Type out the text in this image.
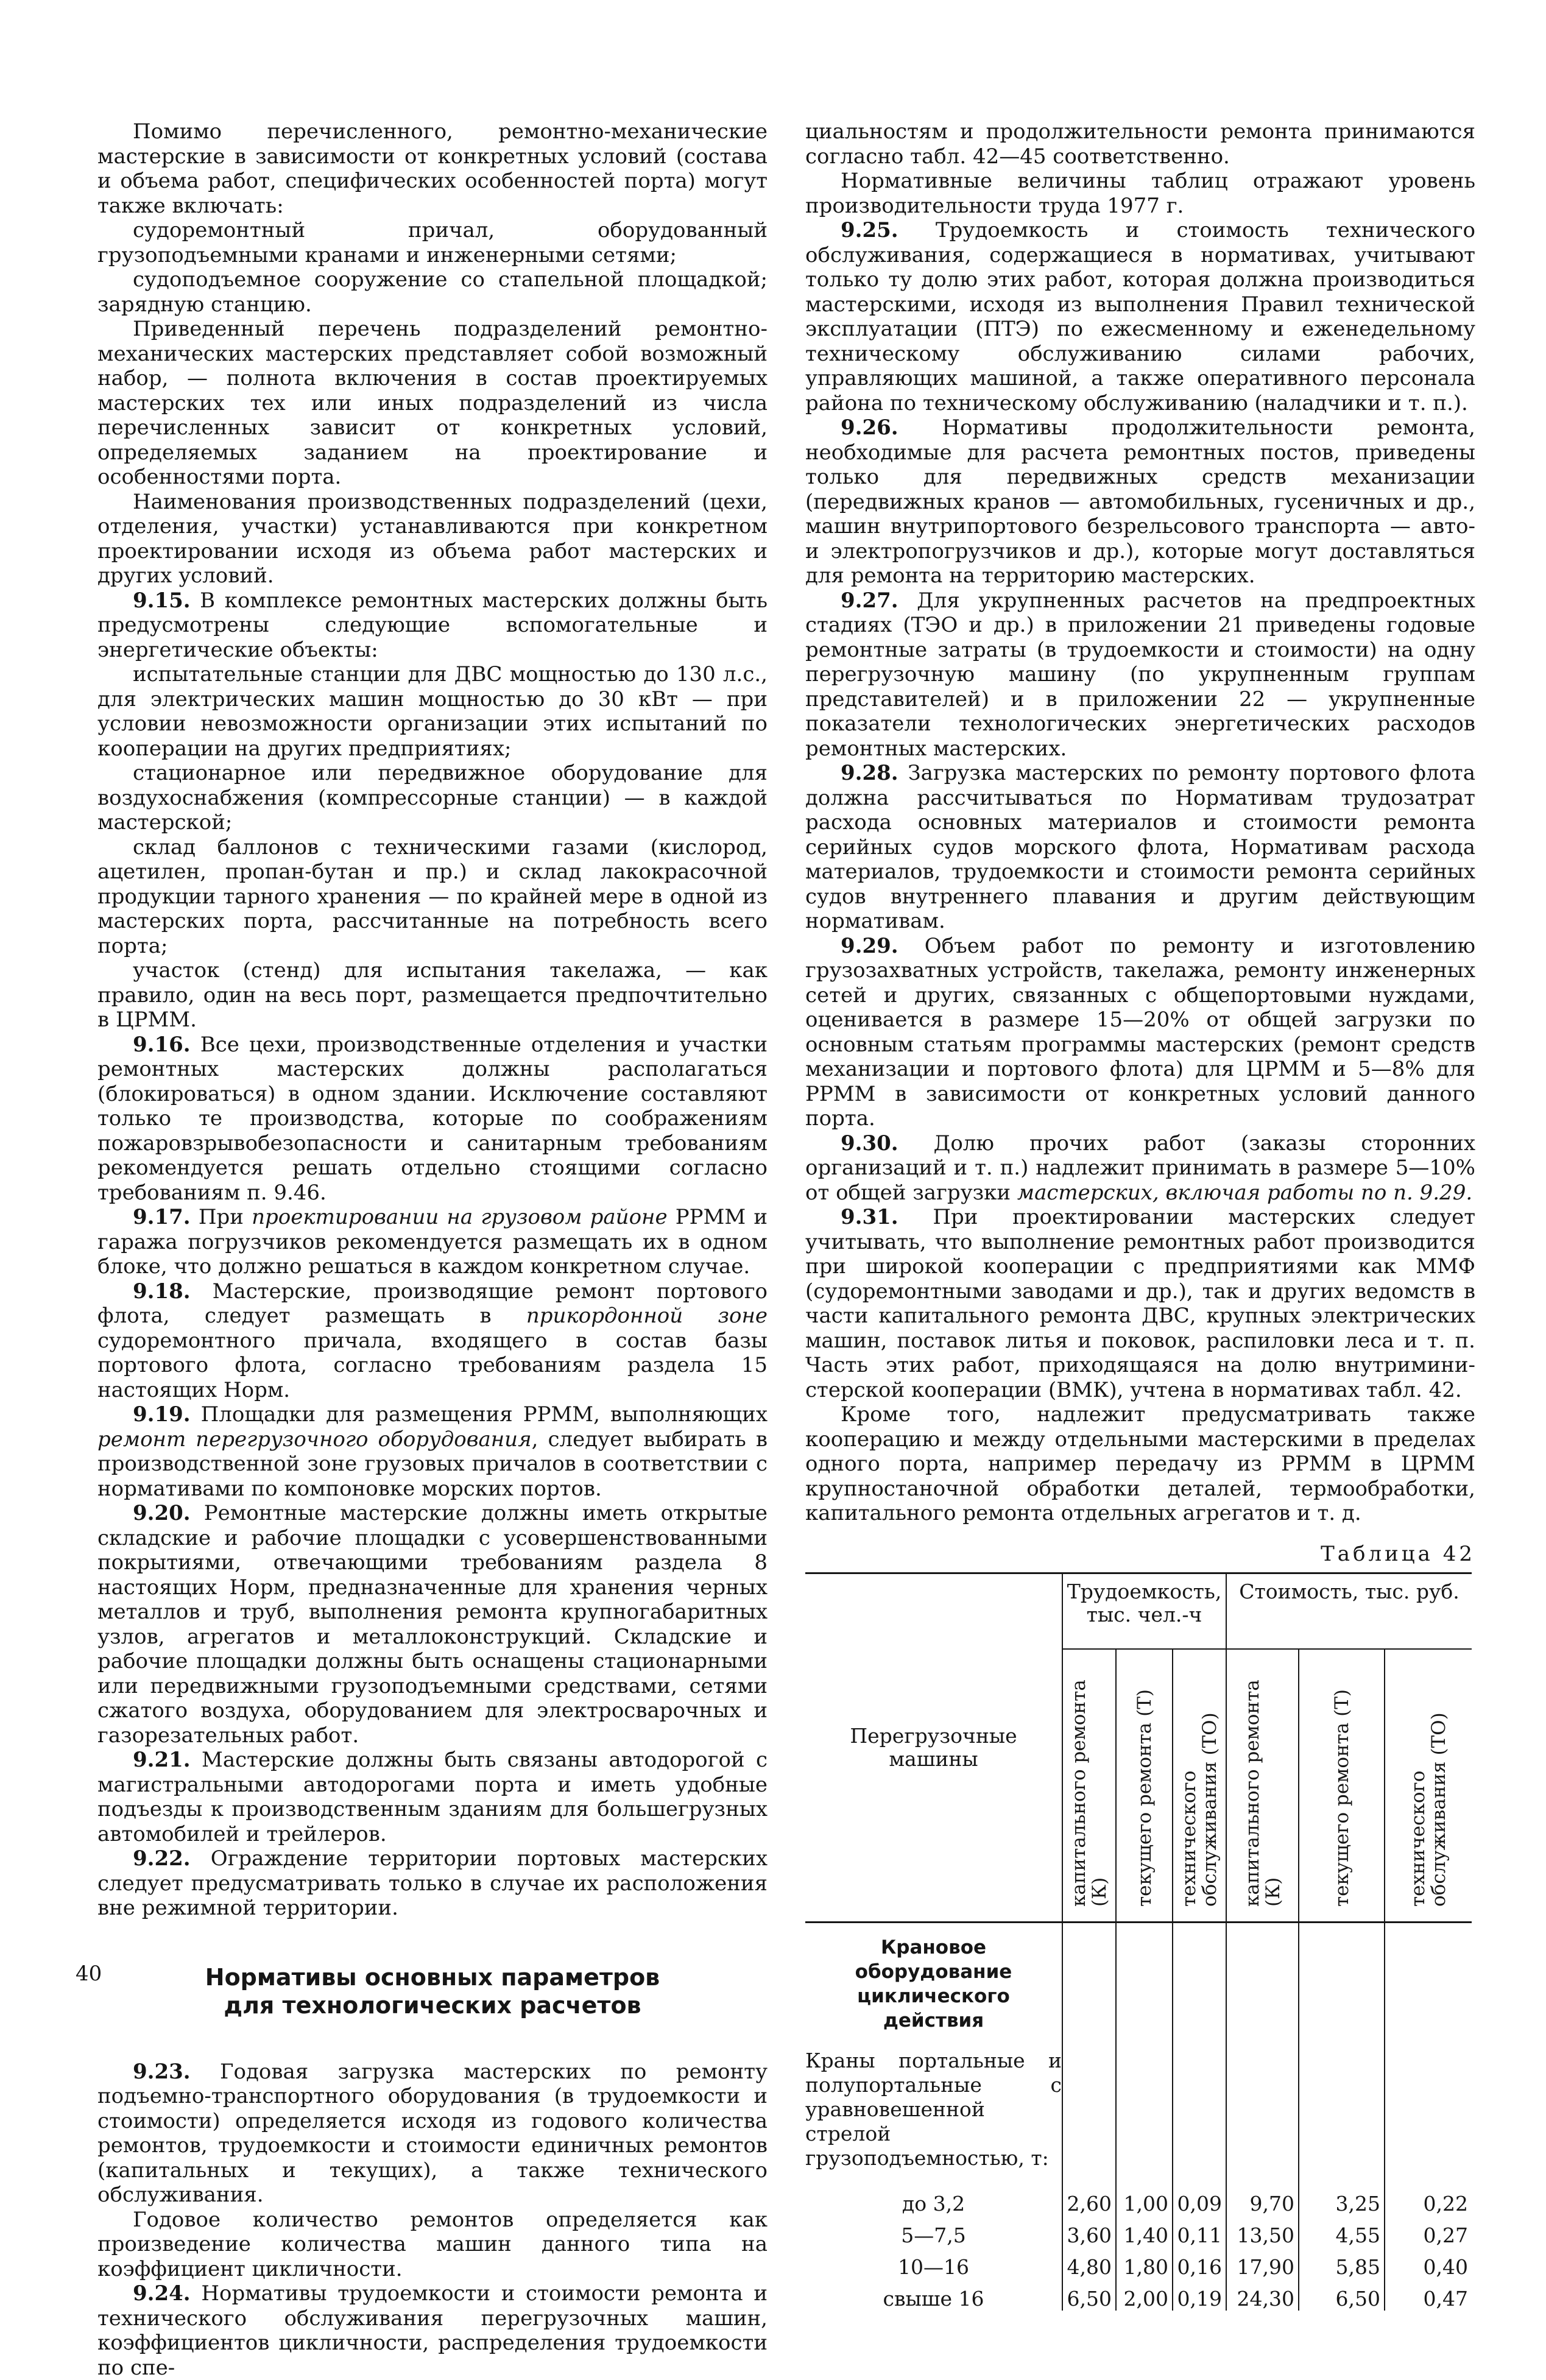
Помимо перечисленного, ремонтно-механические мастерские в зависимости от конкретных условий (состава и объема работ, специфических особенностей порта) могут также включать:

судоремонтный причал, оборудованный грузоподъемными кранами и инженерными сетями;

судоподъемное сооружение со стапельной площадкой; зарядную станцию.

Приведенный перечень подразделений ремонтно-механических мастерских представляет собой возможный набор, — полнота включения в состав проектируемых мастерских тех или иных подразделений из числа перечисленных зависит от конкретных условий, определяемых заданием на проектирование и особенностями порта.

Наименования производственных подразделений (цехи, отделения, участки) устанавливаются при конкретном проектировании исходя из объема работ мастерских и других условий.

9.15. В комплексе ремонтных мастерских должны быть предусмотрены следующие вспомогательные и энергетические объекты:

испытательные станции для ДВС мощностью до 130 л.с., для электрических машин мощностью до 30 кВт — при условии невозможности организации этих испытаний по кооперации на других предприятиях;

стационарное или передвижное оборудование для воздухоснабжения (компрессорные станции) — в каждой мастерской;

склад баллонов с техническими газами (кислород, ацетилен, пропан-бутан и пр.) и склад лакокрасочной продукции тарного хранения — по крайней мере в одной из мастерских порта, рассчитанные на потребность всего порта;

участок (стенд) для испытания такелажа, — как правило, один на весь порт, размещается предпочтительно в ЦРММ.

9.16. Все цехи, производственные отделения и участки ремонтных мастерских должны располагаться (блокироваться) в одном здании. Исключение составляют только те производства, которые по соображениям пожаровзрывобезопасности и санитарным требованиям рекомендуется решать отдельно стоящими согласно требованиям п. 9.46.

9.17. При проектировании на грузовом районе РРММ и гаража погрузчиков рекомендуется размещать их в одном блоке, что должно решаться в каждом конкретном случае.

9.18. Мастерские, производящие ремонт портового флота, следует размещать в прикордонной зоне судоремонтного причала, входящего в состав базы портового флота, согласно требованиям раздела 15 настоящих Норм.

9.19. Площадки для размещения РРММ, выполняющих ремонт перегрузочного оборудования, следует выбирать в производственной зоне грузовых причалов в соответствии с нормативами по компоновке морских портов.

9.20. Ремонтные мастерские должны иметь открытые складские и рабочие площадки с усовершенствованными покрытиями, отвечающими требованиям раздела 8 настоящих Норм, предназначенные для хранения черных металлов и труб, выполнения ремонта крупногабаритных узлов, агрегатов и металлоконструкций. Складские и рабочие площадки должны быть оснащены стационарными или передвижными грузоподъемными средствами, сетями сжатого воздуха, оборудованием для электросварочных и газорезательных работ.

9.21. Мастерские должны быть связаны автодорогой с магистральными автодорогами порта и иметь удобные подъезды к производственным зданиям для большегрузных автомобилей и трейлеров.

9.22. Ограждение территории портовых мастерских следует предусматривать только в случае их расположения вне режимной территории.

Нормативы основных параметров
для технологических расчетов

9.23. Годовая загрузка мастерских по ремонту подъемно-транспортного оборудования (в трудоемкости и стоимости) определяется исходя из годового количества ремонтов, трудоемкости и стоимости единичных ремонтов (капитальных и текущих), а также технического обслуживания.

Годовое количество ремонтов определяется как произведение количества машин данного типа на коэффициент цикличности.

9.24. Нормативы трудоемкости и стоимости ремонта и технического обслуживания перегрузочных машин, коэффициентов цикличности, распределения трудоемкости по спе-

циальностям и продолжительности ремонта принимаются согласно табл. 42—45 соответственно.

Нормативные величины таблиц отражают уровень производительности труда 1977 г.

9.25. Трудоемкость и стоимость технического обслуживания, содержащиеся в нормативах, учитывают только ту долю этих работ, которая должна производиться мастерскими, исходя из выполнения Правил технической эксплуатации (ПТЭ) по ежесменному и еженедельному техническому обслуживанию силами рабочих, управляющих машиной, а также оперативного персонала района по техническому обслуживанию (наладчики и т. п.).

9.26. Нормативы продолжительности ремонта, необходимые для расчета ремонтных постов, приведены только для передвижных средств механизации (передвижных кранов — автомобильных, гусеничных и др., машин внутрипортового безрельсового транспорта — авто- и электропогрузчиков и др.), которые могут доставляться для ремонта на территорию мастерских.

9.27. Для укрупненных расчетов на предпроектных стадиях (ТЭО и др.) в приложении 21 приведены годовые ремонтные затраты (в трудоемкости и стоимости) на одну перегрузочную машину (по укрупненным группам представителей) и в приложении 22 — укрупненные показатели технологических энергетических расходов ремонтных мастерских.

9.28. Загрузка мастерских по ремонту портового флота должна рассчитываться по Нормативам трудозатрат расхода основных материалов и стоимости ремонта серийных судов морского флота, Нормативам расхода материалов, трудоемкости и стоимости ремонта серийных судов внутреннего плавания и другим действующим нормативам.

9.29. Объем работ по ремонту и изготовлению грузозахватных устройств, такелажа, ремонту инженерных сетей и других, связанных с общепортовыми нуждами, оценивается в размере 15—20% от общей загрузки по основным статьям программы мастерских (ремонт средств механизации и портового флота) для ЦРММ и 5—8% для РРММ в зависимости от конкретных условий данного порта.

9.30. Долю прочих работ (заказы сторонних организаций и т. п.) надлежит принимать в размере 5—10% от общей загрузки мастерских, включая работы по п. 9.29.

9.31. При проектировании мастерских следует учитывать, что выполнение ремонтных работ производится при широкой кооперации с предприятиями как ММФ (судоремонтными заводами и др.), так и других ведомств в части капитального ремонта ДВС, крупных электрических машин, поставок литья и поковок, распиловки леса и т. п. Часть этих работ, приходящаяся на долю внутриминистерской кооперации (ВМК), учтена в нормативах табл. 42.

Кроме того, надлежит предусматривать также кооперацию и между отдельными мастерскими в пределах одного порта, например передачу из РРММ в ЦРММ крупностаночной обработки деталей, термообработки, капитального ремонта отдельных агрегатов и т. д.

Таблица 42
Перегрузочные машины	Трудоемкость, тыс. чел.-ч			Стоимость, тыс. руб.		
	капитального ремонта (К)	текущего ремонта (Т)	технического обслуживания (ТО)	капитального ремонта (К)	текущего ремонта (Т)	технического обслуживания (ТО)

Крановое оборудование циклического действия
Краны портальные и полупортальные с уравновешенной стрелой грузоподъемностью, т:						

до 3,2	2,60	1,00	0,09	9,70	3,25	0,22
5—7,5	3,60	1,40	0,11	13,50	4,55	0,27
10—16	4,80	1,80	0,16	17,90	5,85	0,40
свыше 16	6,50	2,00	0,19	24,30	6,50	0,47
40
